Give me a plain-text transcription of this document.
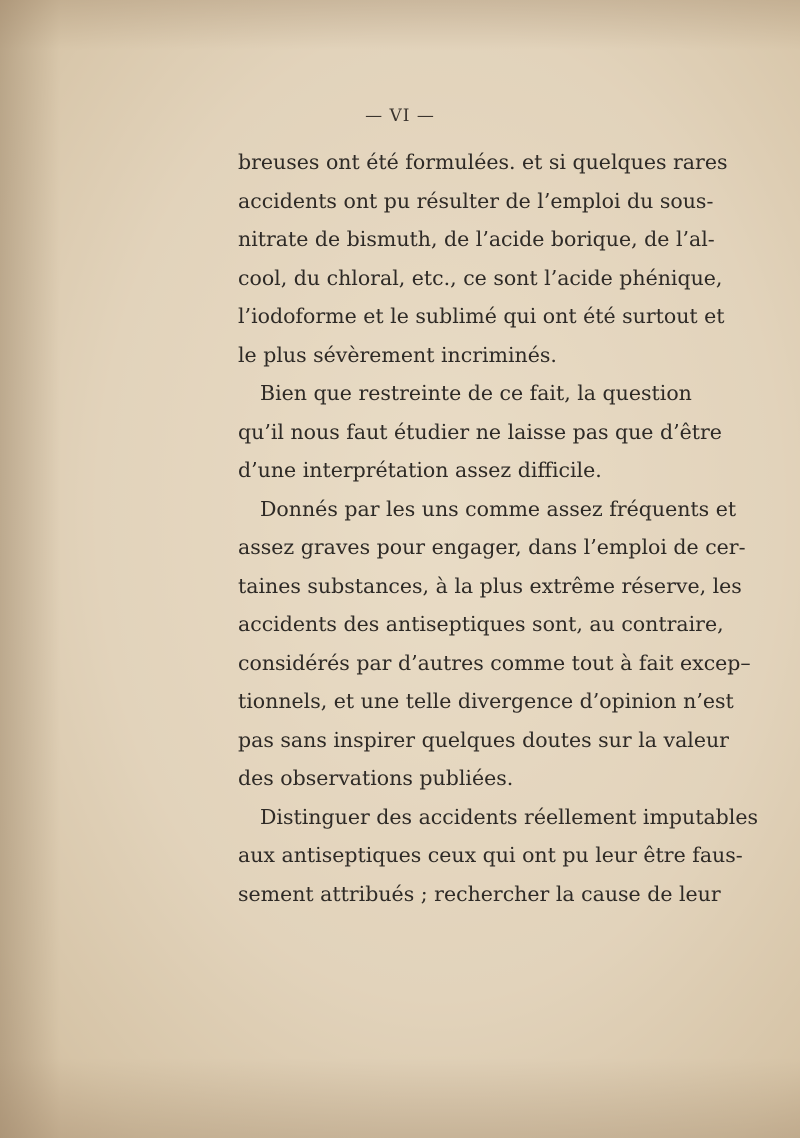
— VI —
breuses ont été formulées. et si quelques rares
accidents ont pu résulter de l’emploi du sous-
nitrate de bismuth, de l’acide borique, de l’al-
cool, du chloral, etc., ce sont l’acide phénique,
l’iodoforme et le sublimé qui ont été surtout et
le plus sévèrement incriminés.
Bien que restreinte de ce fait, la question
qu’il nous faut étudier ne laisse pas que d’être
d’une interprétation assez difficile.
Donnés par les uns comme assez fréquents et
assez graves pour engager, dans l’emploi de cer-
taines substances, à la plus extrême réserve, les
accidents des antiseptiques sont, au contraire,
considérés par d’autres comme tout à fait excep–
tionnels, et une telle divergence d’opinion n’est
pas sans inspirer quelques doutes sur la valeur
des observations publiées.
Distinguer des accidents réellement imputables
aux antiseptiques ceux qui ont pu leur être faus-
sement attribués ; rechercher la cause de leur
